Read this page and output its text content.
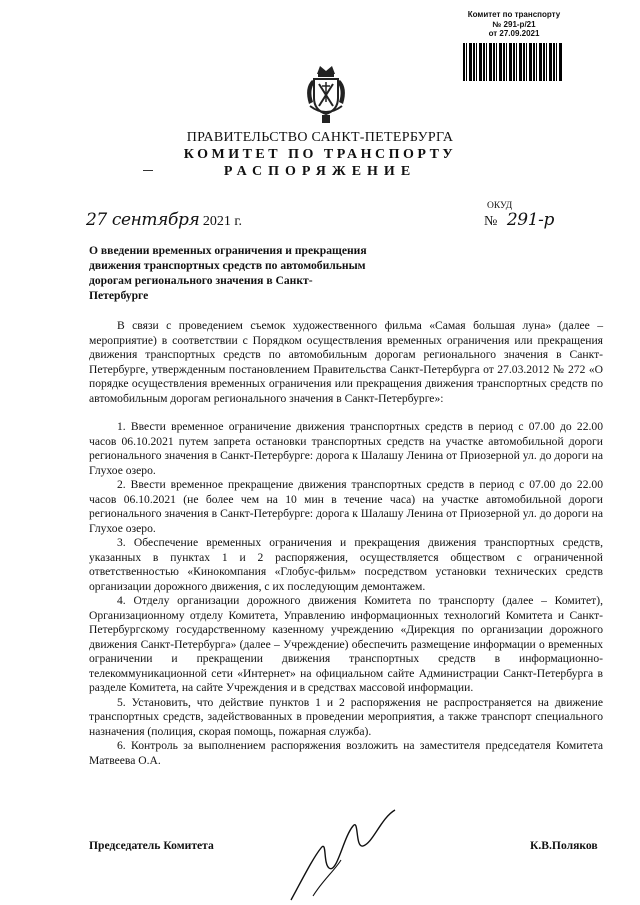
Комитет по транспорту
№ 291-р/21
от 27.09.2021
ПРАВИТЕЛЬСТВО САНКТ-ПЕТЕРБУРГА
КОМИТЕТ ПО ТРАНСПОРТУ
РАСПОРЯЖЕНИЕ
ОКУД
27 сентября 2021 г.	№ 291-р
О введении временных ограничения и прекращения движения транспортных средств по автомобильным дорогам регионального значения в Санкт-Петербурге

В связи с проведением съемок художественного фильма «Самая большая луна» (далее – мероприятие) в соответствии с Порядком осуществления временных ограничения или прекращения движения транспортных средств по автомобильным дорогам регионального значения в Санкт-Петербурге, утвержденным постановлением Правительства Санкт-Петербурга от 27.03.2012 № 272 «О порядке осуществления временных ограничения или прекращения движения транспортных средств по автомобильным дорогам регионального значения в Санкт-Петербурге»:

1. Ввести временное ограничение движения транспортных средств в период с 07.00 до 22.00 часов 06.10.2021 путем запрета остановки транспортных средств на участке автомобильной дороги регионального значения в Санкт-Петербурге: дорога к Шалашу Ленина от Приозерной ул. до дороги на Глухое озеро.

2. Ввести временное прекращение движения транспортных средств в период с 07.00 до 22.00 часов 06.10.2021 (не более чем на 10 мин в течение часа) на участке автомобильной дороги регионального значения в Санкт-Петербурге: дорога к Шалашу Ленина от Приозерной ул. до дороги на Глухое озеро.

3. Обеспечение временных ограничения и прекращения движения транспортных средств, указанных в пунктах 1 и 2 распоряжения, осуществляется обществом с ограниченной ответственностью «Кинокомпания «Глобус-фильм» посредством установки технических средств организации дорожного движения, с их последующим демонтажем.

4. Отделу организации дорожного движения Комитета по транспорту (далее – Комитет), Организационному отделу Комитета, Управлению информационных технологий Комитета и Санкт-Петербургскому государственному казенному учреждению «Дирекция по организации дорожного движения Санкт-Петербурга» (далее – Учреждение) обеспечить размещение информации о временных ограничении и прекращении движения транспортных средств в информационно-телекоммуникационной сети «Интернет» на официальном сайте Администрации Санкт-Петербурга в разделе Комитета, на сайте Учреждения и в средствах массовой информации.

5. Установить, что действие пунктов 1 и 2 распоряжения не распространяется на движение транспортных средств, задействованных в проведении мероприятия, а также транспорт специального назначения (полиция, скорая помощь, пожарная служба).

6. Контроль за выполнением распоряжения возложить на заместителя председателя Комитета Матвеева О.А.

Председатель Комитета	К.В.Поляков
